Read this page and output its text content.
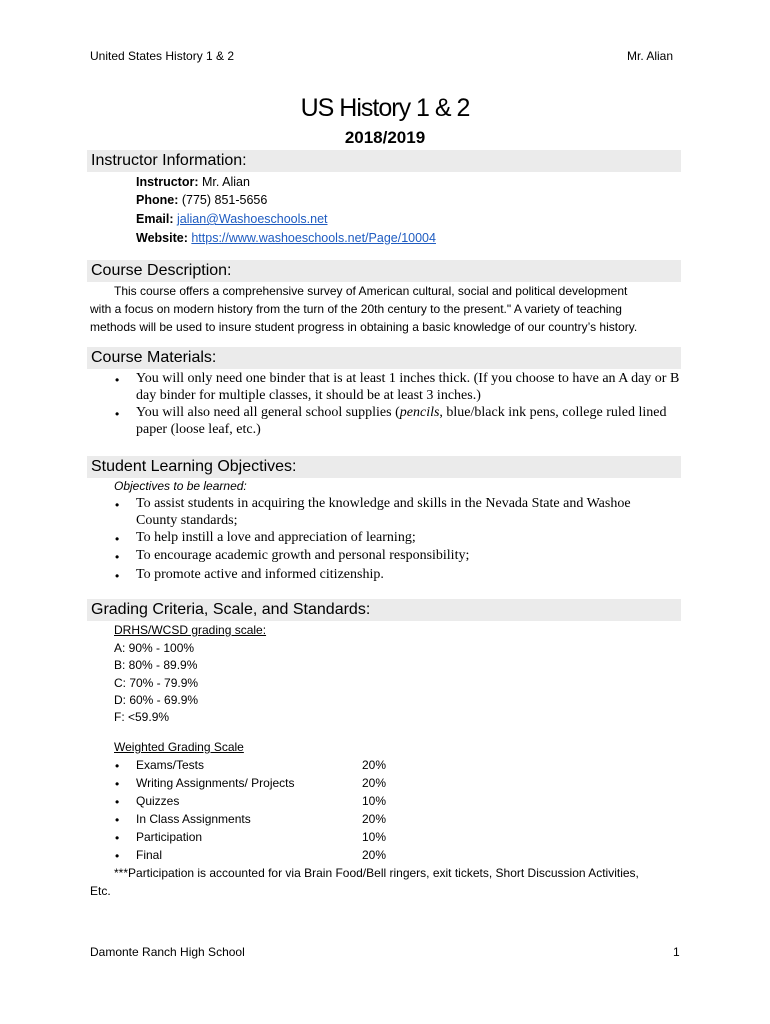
United States History 1 & 2	Mr. Alian
US History 1 & 2
2018/2019
Instructor Information:
Instructor: Mr. Alian
Phone: (775) 851-5656
Email: jalian@Washoeschools.net
Website: https://www.washoeschools.net/Page/10004
Course Description:
This course offers a comprehensive survey of American cultural, social and political development
with a focus on modern history from the turn of the 20th century to the present." A variety of teaching
methods will be used to insure student progress in obtaining a basic knowledge of our country’s history.
Course Materials:
• You will only need one binder that is at least 1 inches thick. (If you choose to have an A day or B
day binder for multiple classes, it should be at least 3 inches.)
• You will also need all general school supplies (pencils, blue/black ink pens, college ruled lined
paper (loose leaf, etc.)
Student Learning Objectives:
Objectives to be learned:
• To assist students in acquiring the knowledge and skills in the Nevada State and Washoe
County standards;
• To help instill a love and appreciation of learning;
• To encourage academic growth and personal responsibility;
• To promote active and informed citizenship.
Grading Criteria, Scale, and Standards:
DRHS/WCSD grading scale:
A: 90% - 100%
B: 80% - 89.9%
C: 70% - 79.9%
D: 60% - 69.9%
F: <59.9%
Weighted Grading Scale
• Exams/Tests	20%
• Writing Assignments/ Projects	20%
• Quizzes	10%
• In Class Assignments	20%
• Participation	10%
• Final	20%
***Participation is accounted for via Brain Food/Bell ringers, exit tickets, Short Discussion Activities,
Etc.
Damonte Ranch High School	1
